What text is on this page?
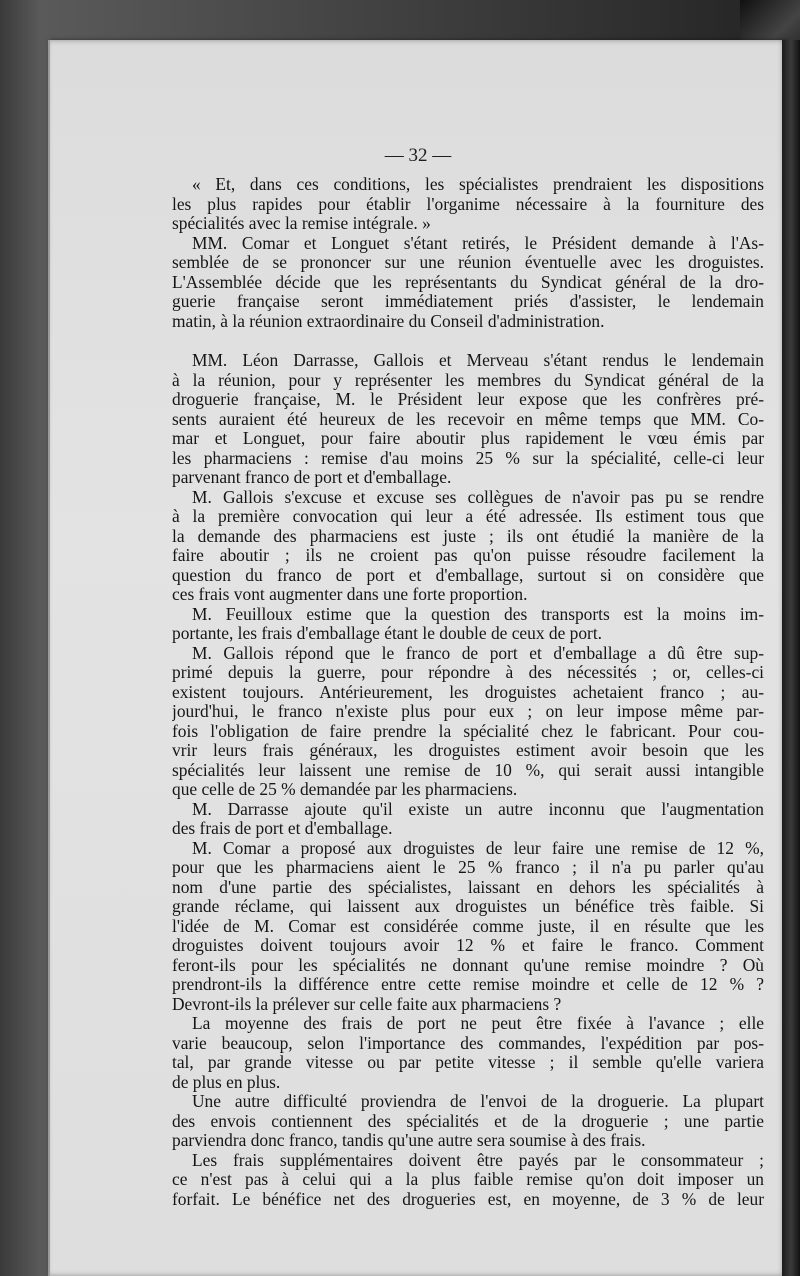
— 32 —
« Et, dans ces conditions, les spécialistes prendraient les dispositions
les plus rapides pour établir l'organime nécessaire à la fourniture des
spécialités avec la remise intégrale. »
MM. Comar et Longuet s'étant retirés, le Président demande à l'As-
semblée de se prononcer sur une réunion éventuelle avec les droguistes.
L'Assemblée décide que les représentants du Syndicat général de la dro-
guerie française seront immédiatement priés d'assister, le lendemain
matin, à la réunion extraordinaire du Conseil d'administration.
MM. Léon Darrasse, Gallois et Merveau s'étant rendus le lendemain
à la réunion, pour y représenter les membres du Syndicat général de la
droguerie française, M. le Président leur expose que les confrères pré-
sents auraient été heureux de les recevoir en même temps que MM. Co-
mar et Longuet, pour faire aboutir plus rapidement le vœu émis par
les pharmaciens : remise d'au moins 25 % sur la spécialité, celle-ci leur
parvenant franco de port et d'emballage.
M. Gallois s'excuse et excuse ses collègues de n'avoir pas pu se rendre
à la première convocation qui leur a été adressée. Ils estiment tous que
la demande des pharmaciens est juste ; ils ont étudié la manière de la
faire aboutir ; ils ne croient pas qu'on puisse résoudre facilement la
question du franco de port et d'emballage, surtout si on considère que
ces frais vont augmenter dans une forte proportion.
M. Feuilloux estime que la question des transports est la moins im-
portante, les frais d'emballage étant le double de ceux de port.
M. Gallois répond que le franco de port et d'emballage a dû être sup-
primé depuis la guerre, pour répondre à des nécessités ; or, celles-ci
existent toujours. Antérieurement, les droguistes achetaient franco ; au-
jourd'hui, le franco n'existe plus pour eux ; on leur impose même par-
fois l'obligation de faire prendre la spécialité chez le fabricant. Pour cou-
vrir leurs frais généraux, les droguistes estiment avoir besoin que les
spécialités leur laissent une remise de 10 %, qui serait aussi intangible
que celle de 25 % demandée par les pharmaciens.
M. Darrasse ajoute qu'il existe un autre inconnu que l'augmentation
des frais de port et d'emballage.
M. Comar a proposé aux droguistes de leur faire une remise de 12 %,
pour que les pharmaciens aient le 25 % franco ; il n'a pu parler qu'au
nom d'une partie des spécialistes, laissant en dehors les spécialités à
grande réclame, qui laissent aux droguistes un bénéfice très faible. Si
l'idée de M. Comar est considérée comme juste, il en résulte que les
droguistes doivent toujours avoir 12 % et faire le franco. Comment
feront-ils pour les spécialités ne donnant qu'une remise moindre ? Où
prendront-ils la différence entre cette remise moindre et celle de 12 % ?
Devront-ils la prélever sur celle faite aux pharmaciens ?
La moyenne des frais de port ne peut être fixée à l'avance ; elle
varie beaucoup, selon l'importance des commandes, l'expédition par pos-
tal, par grande vitesse ou par petite vitesse ; il semble qu'elle variera
de plus en plus.
Une autre difficulté proviendra de l'envoi de la droguerie. La plupart
des envois contiennent des spécialités et de la droguerie ; une partie
parviendra donc franco, tandis qu'une autre sera soumise à des frais.
Les frais supplémentaires doivent être payés par le consommateur ;
ce n'est pas à celui qui a la plus faible remise qu'on doit imposer un
forfait. Le bénéfice net des drogueries est, en moyenne, de 3 % de leur
